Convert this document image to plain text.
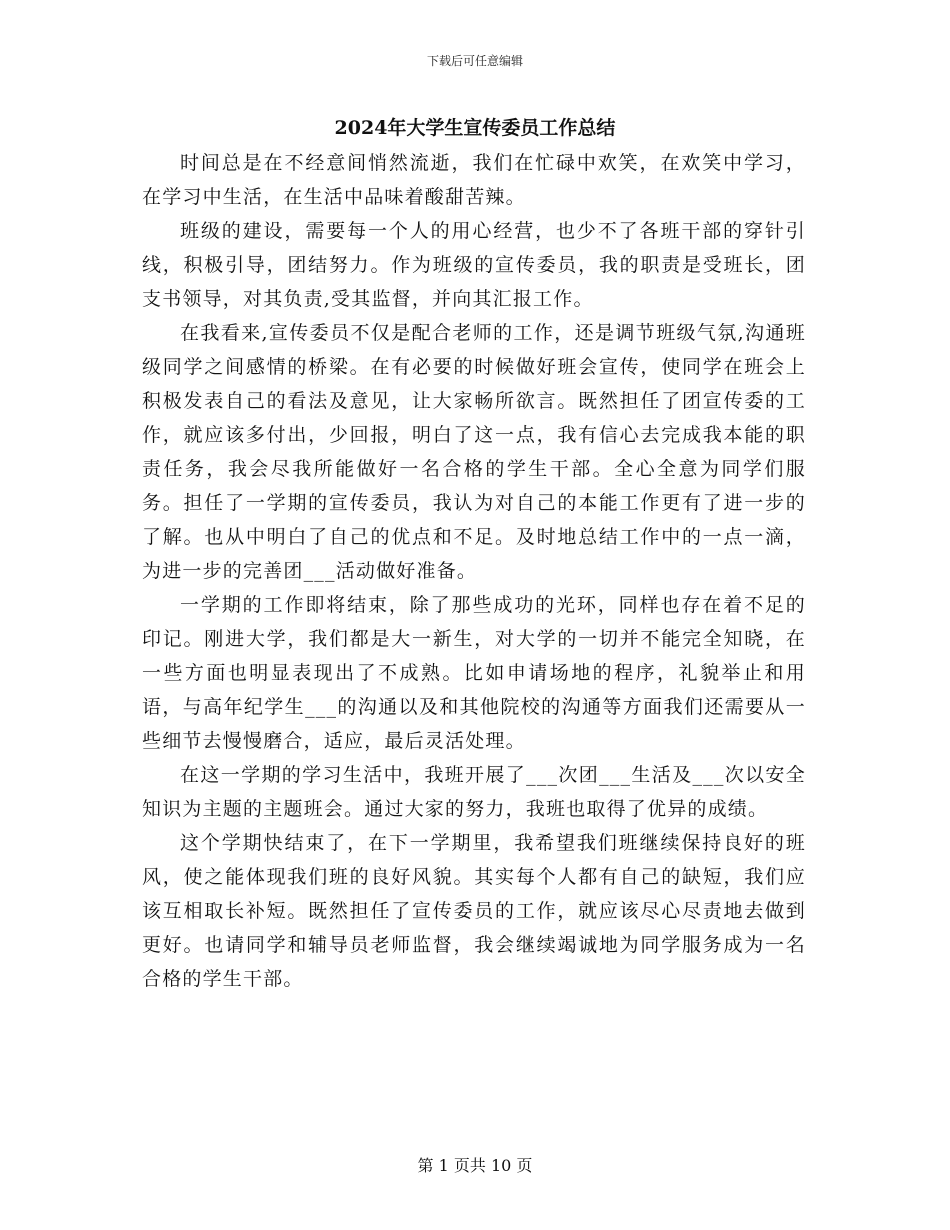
下载后可任意编辑
2024年大学生宣传委员工作总结

时间总是在不经意间悄然流逝，我们在忙碌中欢笑，在欢笑中学习，在学习中生活，在生活中品味着酸甜苦辣。

班级的建设，需要每一个人的用心经营，也少不了各班干部的穿针引线，积极引导，团结努力。作为班级的宣传委员，我的职责是受班长，团支书领导，对其负责,受其监督，并向其汇报工作。

在我看来,宣传委员不仅是配合老师的工作，还是调节班级气氛,沟通班级同学之间感情的桥梁。在有必要的时候做好班会宣传，使同学在班会上积极发表自己的看法及意见，让大家畅所欲言。既然担任了团宣传委的工作，就应该多付出，少回报，明白了这一点，我有信心去完成我本能的职责任务，我会尽我所能做好一名合格的学生干部。全心全意为同学们服务。担任了一学期的宣传委员，我认为对自己的本能工作更有了进一步的了解。也从中明白了自己的优点和不足。及时地总结工作中的一点一滴，为进一步的完善团___活动做好准备。

一学期的工作即将结束，除了那些成功的光环，同样也存在着不足的印记。刚进大学，我们都是大一新生，对大学的一切并不能完全知晓，在一些方面也明显表现出了不成熟。比如申请场地的程序，礼貌举止和用语，与高年纪学生___的沟通以及和其他院校的沟通等方面我们还需要从一些细节去慢慢磨合，适应，最后灵活处理。

在这一学期的学习生活中，我班开展了___次团___生活及___次以安全知识为主题的主题班会。通过大家的努力，我班也取得了优异的成绩。

这个学期快结束了，在下一学期里，我希望我们班继续保持良好的班风，使之能体现我们班的良好风貌。其实每个人都有自己的缺短，我们应该互相取长补短。既然担任了宣传委员的工作，就应该尽心尽责地去做到更好。也请同学和辅导员老师监督，我会继续竭诚地为同学服务成为一名合格的学生干部。

第 1 页共 10 页
